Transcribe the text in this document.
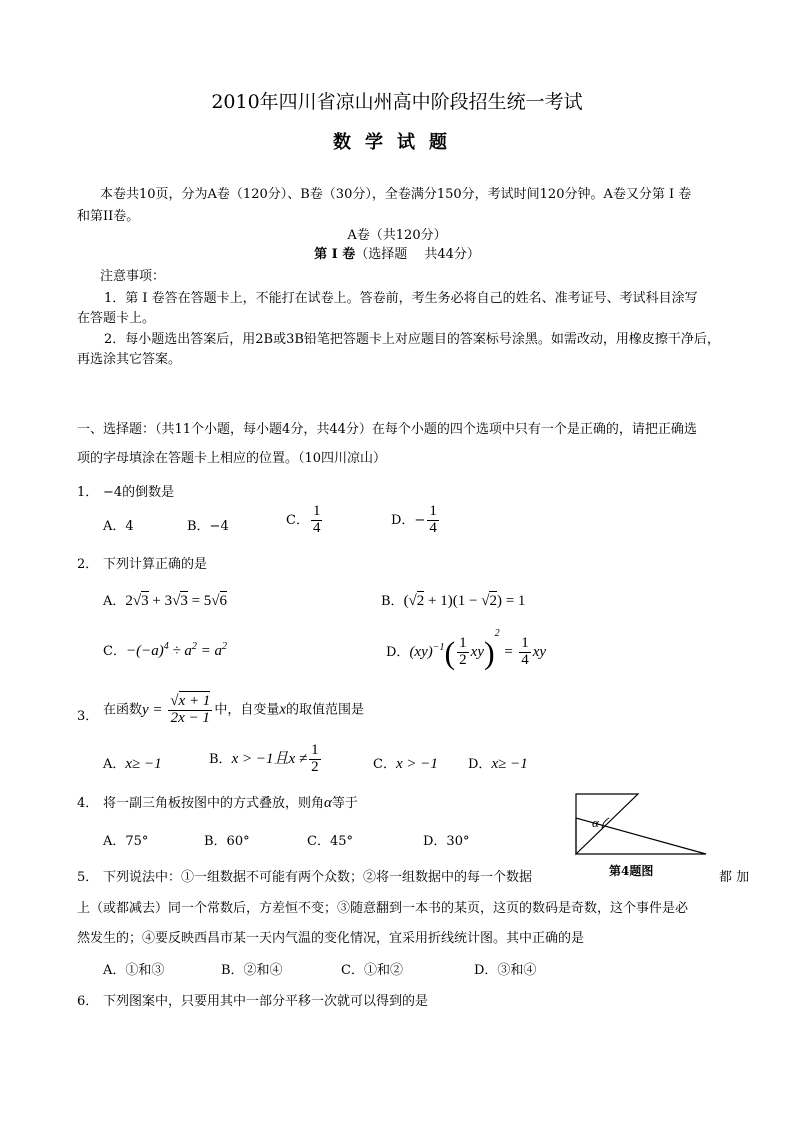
2010年四川省凉山州高中阶段招生统一考试
数学试题
本卷共10页，分为A卷（120分）、B卷（30分），全卷满分150分，考试时间120分钟。A卷又分第 I 卷
和第II卷。
A卷（共120分）
第 I 卷（选择题　 共44分）
注意事项：
1．第 I 卷答在答题卡上，不能打在试卷上。答卷前，考生务必将自己的姓名、准考证号、考试科目涂写
在答题卡上。
2．每小题选出答案后，用2B或3B铅笔把答题卡上对应题目的答案标号涂黑。如需改动，用橡皮擦干净后，
再选涂其它答案。
一、选择题：（共11个小题，每小题4分，共44分）在每个小题的四个选项中只有一个是正确的，请把正确选
项的字母填涂在答题卡上相应的位置。（10四川凉山）
1． −4的倒数是
A．4	B．−4	C． $\frac{1}{4}$	D．− $\frac{1}{4}$
2． 下列计算正确的是
A．2√3 + 3√3 = 5√6	B．(√2 + 1)(1 − √2) = 1
C．$-(-a)^4 \div a^2 = a^2$	D．$(xy)^{-1}( \frac{1}{2} xy)^2 = \frac{1}{4}$ xy
3． 在函数$y = \frac{√x + 1}{2x - 1}$ 中，自变量x的取值范围是
A．x≥ −1	B．x > −1且$x \ne \frac{1}{2}$	C．x > −1 D．x≥ −1
4． 将一副三角板按图中的方式叠放，则角α等于
A．75°	B．60°	C．45°	D．30°
α
第4题图
5． 下列说法中：①一组数据不可能有两个众数；②将一组数据中的每一个数据	都 加
上（或都减去）同一个常数后，方差恒不变；③随意翻到一本书的某页，这页的数码是奇数，这个事件是必
然发生的；④要反映西昌市某一天内气温的变化情况，宜采用折线统计图。其中正确的是
A．①和③	B．②和④	C．①和②	D．③和④
6． 下列图案中，只要用其中一部分平移一次就可以得到的是
